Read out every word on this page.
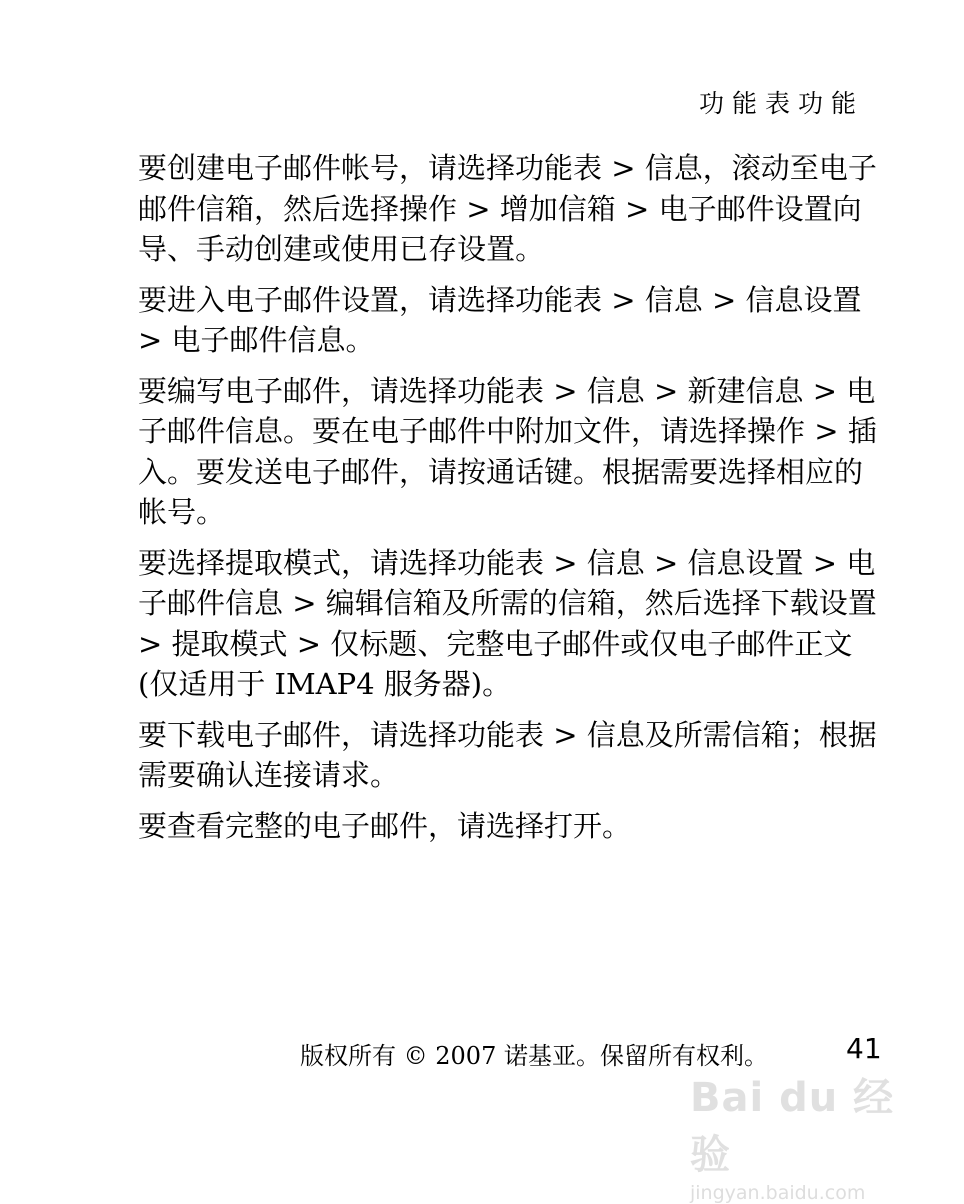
功能表功能

要创建电子邮件帐号，请选择功能表 > 信息，滚动至电子邮件信箱，然后选择操作 > 增加信箱 > 电子邮件设置向导、手动创建或使用已存设置。

要进入电子邮件设置，请选择功能表 > 信息 > 信息设置 > 电子邮件信息。

要编写电子邮件，请选择功能表 > 信息 > 新建信息 > 电子邮件信息。要在电子邮件中附加文件，请选择操作 > 插入。要发送电子邮件，请按通话键。根据需要选择相应的帐号。

要选择提取模式，请选择功能表 > 信息 > 信息设置 > 电子邮件信息 > 编辑信箱及所需的信箱，然后选择下载设置 > 提取模式 > 仅标题、完整电子邮件或仅电子邮件正文 (仅适用于 IMAP4 服务器)。

要下载电子邮件，请选择功能表 > 信息及所需信箱；根据需要确认连接请求。

要查看完整的电子邮件，请选择打开。

版权所有 © 2007 诺基亚。保留所有权利。	41
Bai du 经验
jingyan.baidu.com
